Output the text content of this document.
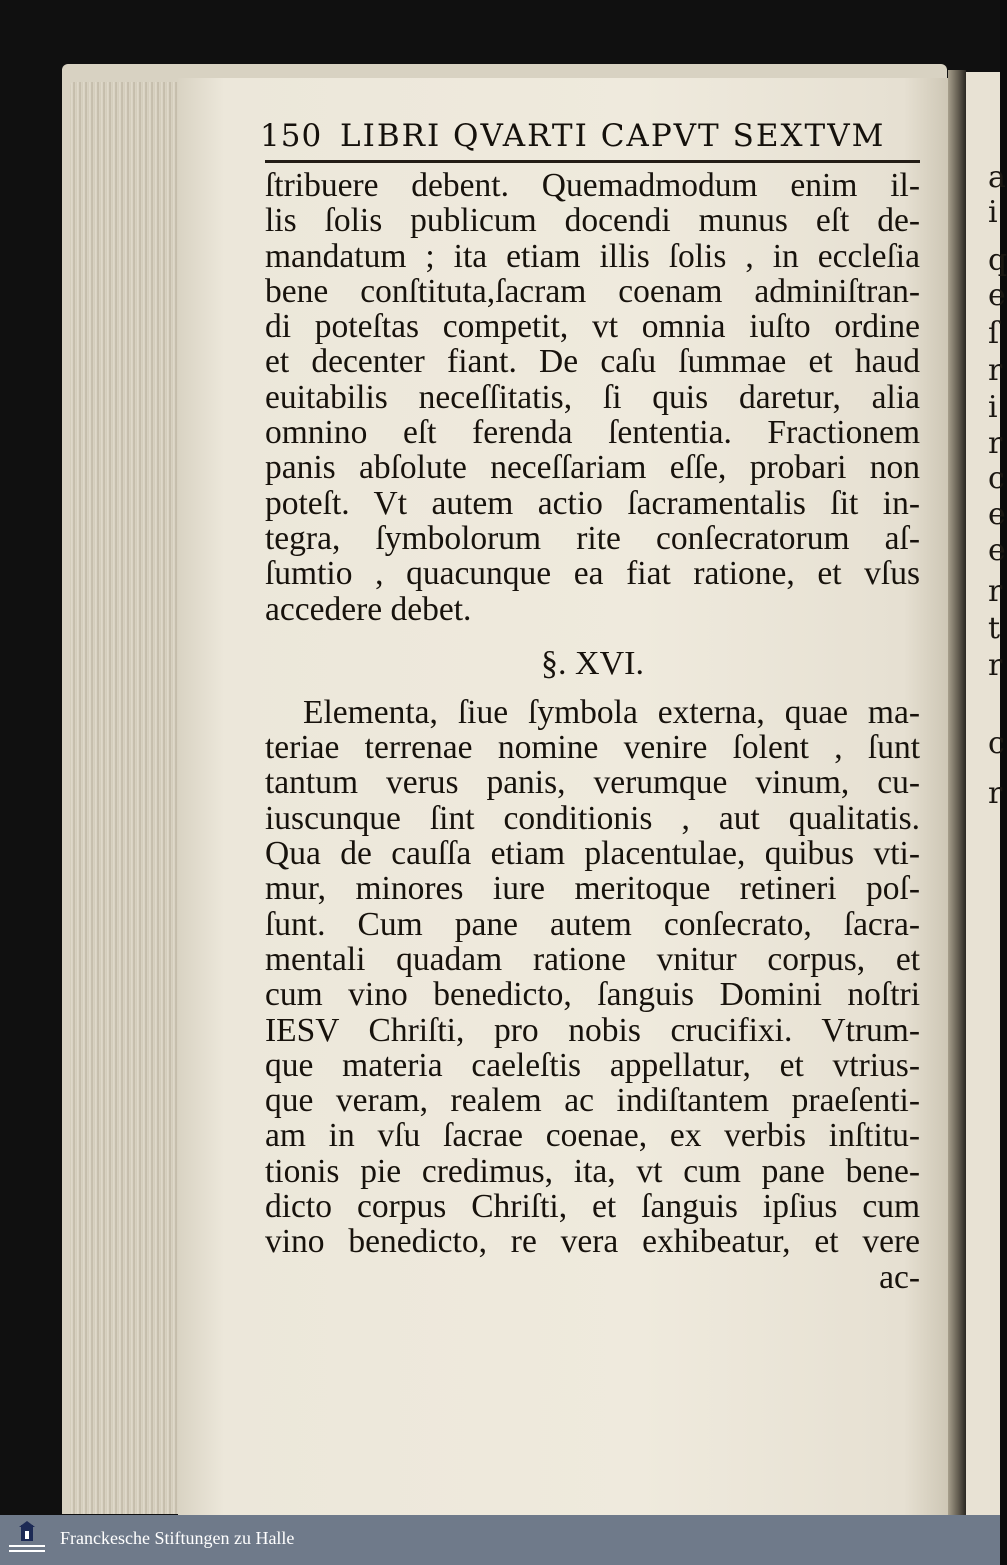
a
i
q
e
ſ
r
i
r
c
e
e
r
t
r
c
r
150 LIBRI QVARTI CAPVT SEXTVM
ſtribuere debent. Quemadmodum enim il-
lis ſolis publicum docendi munus eſt de-
mandatum ; ita etiam illis ſolis , in eccleſia
bene conſtituta,ſacram coenam adminiſtran-
di poteſtas competit, vt omnia iuſto ordine
et decenter fiant. De caſu ſummae et haud
euitabilis neceſſitatis, ſi quis daretur, alia
omnino eſt ferenda ſententia. Fractionem
panis abſolute neceſſariam eſſe, probari non
poteſt. Vt autem actio ſacramentalis ſit in-
tegra, ſymbolorum rite conſecratorum aſ-
ſumtio , quacunque ea fiat ratione, et vſus
accedere debet.
§. XVI.
Elementa, ſiue ſymbola externa, quae ma-
teriae terrenae nomine venire ſolent , ſunt
tantum verus panis, verumque vinum, cu-
iuscunque ſint conditionis , aut qualitatis.
Qua de cauſſa etiam placentulae, quibus vti-
mur, minores iure meritoque retineri poſ-
ſunt. Cum pane autem conſecrato, ſacra-
mentali quadam ratione vnitur corpus, et
cum vino benedicto, ſanguis Domini noſtri
IESV Chriſti, pro nobis crucifixi. Vtrum-
que materia caeleſtis appellatur, et vtrius-
que veram, realem ac indiſtantem praeſenti-
am in vſu ſacrae coenae, ex verbis inſtitu-
tionis pie credimus, ita, vt cum pane bene-
dicto corpus Chriſti, et ſanguis ipſius cum
vino benedicto, re vera exhibeatur, et vere
ac-
Franckesche Stiftungen zu Halle
